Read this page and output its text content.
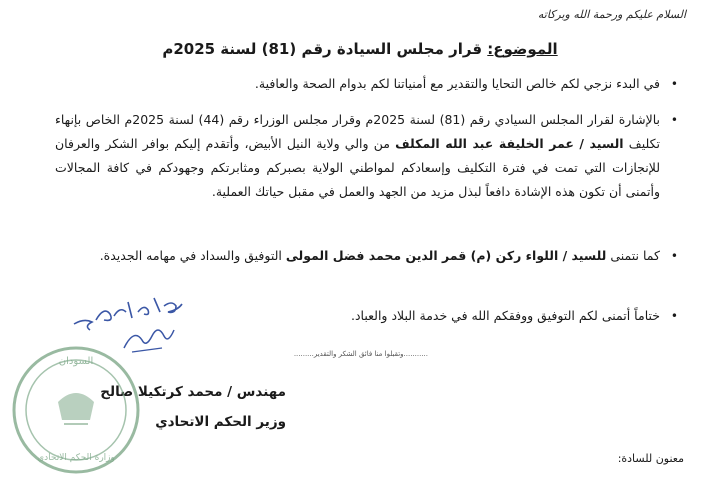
السلام عليكم ورحمة الله وبركاته
الموضوع: قرار مجلس السيادة رقم (81) لسنة 2025م
•
في البدء نزجي لكم خالص التحايا والتقدير مع أمنياتنا لكم بدوام الصحة والعافية.
•
بالإشارة لقرار المجلس السيادي رقم (81) لسنة 2025م وقرار مجلس الوزراء رقم (44) لسنة 2025م الخاص بإنهاء تكليف السيد / عمر الخليفة عبد الله المكلف من والي ولاية النيل الأبيض، وأتقدم إليكم بوافر الشكر والعرفان للإنجازات التي تمت في فترة التكليف وإسعادكم لمواطني الولاية بصبركم ومثابرتكم وجهودكم في كافة المجالات وأتمنى أن تكون هذه الإشادة دافعاً لبذل مزيد من الجهد والعمل في مقبل حياتك العملية.
•
كما نتمنى للسيد / اللواء ركن (م) قمر الدين محمد فضل المولى التوفيق والسداد في مهامه الجديدة.
•
ختاماً أتمنى لكم التوفيق ووفقكم الله في خدمة البلاد والعباد.
...........وتقبلوا منا فائق الشكر والتقدير.........
مهندس / محمد كرتكيلا صالح
وزير الحكم الاتحادي
معنون للسادة:
السودان
وزارة الحكم الاتحادي
